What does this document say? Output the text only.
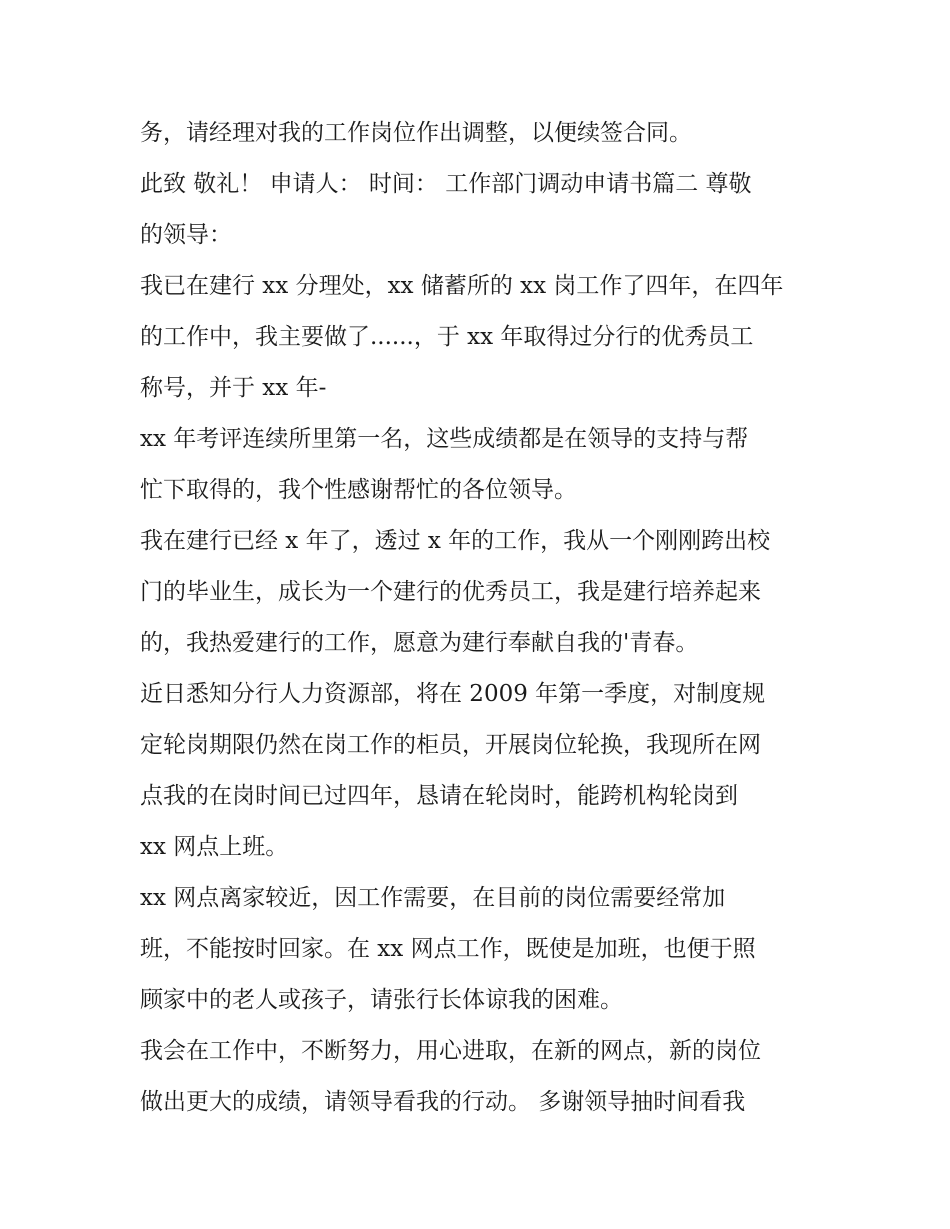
务，请经理对我的工作岗位作出调整，以便续签合同。
此致 敬礼！ 申请人： 时间： 工作部门调动申请书篇二 尊敬
的领导：
我已在建行 xx 分理处，xx 储蓄所的 xx 岗工作了四年，在四年
的工作中，我主要做了......，于 xx 年取得过分行的优秀员工
称号，并于 xx 年-
xx 年考评连续所里第一名，这些成绩都是在领导的支持与帮
忙下取得的，我个性感谢帮忙的各位领导。
我在建行已经 x 年了，透过 x 年的工作，我从一个刚刚跨出校
门的毕业生，成长为一个建行的优秀员工，我是建行培养起来
的，我热爱建行的工作，愿意为建行奉献自我的'青春。
近日悉知分行人力资源部，将在 2009 年第一季度，对制度规
定轮岗期限仍然在岗工作的柜员，开展岗位轮换，我现所在网
点我的在岗时间已过四年，恳请在轮岗时，能跨机构轮岗到
xx 网点上班。
xx 网点离家较近，因工作需要，在目前的岗位需要经常加
班，不能按时回家。在 xx 网点工作，既使是加班，也便于照
顾家中的老人或孩子，请张行长体谅我的困难。
我会在工作中，不断努力，用心进取，在新的网点，新的岗位
做出更大的成绩，请领导看我的行动。 多谢领导抽时间看我
